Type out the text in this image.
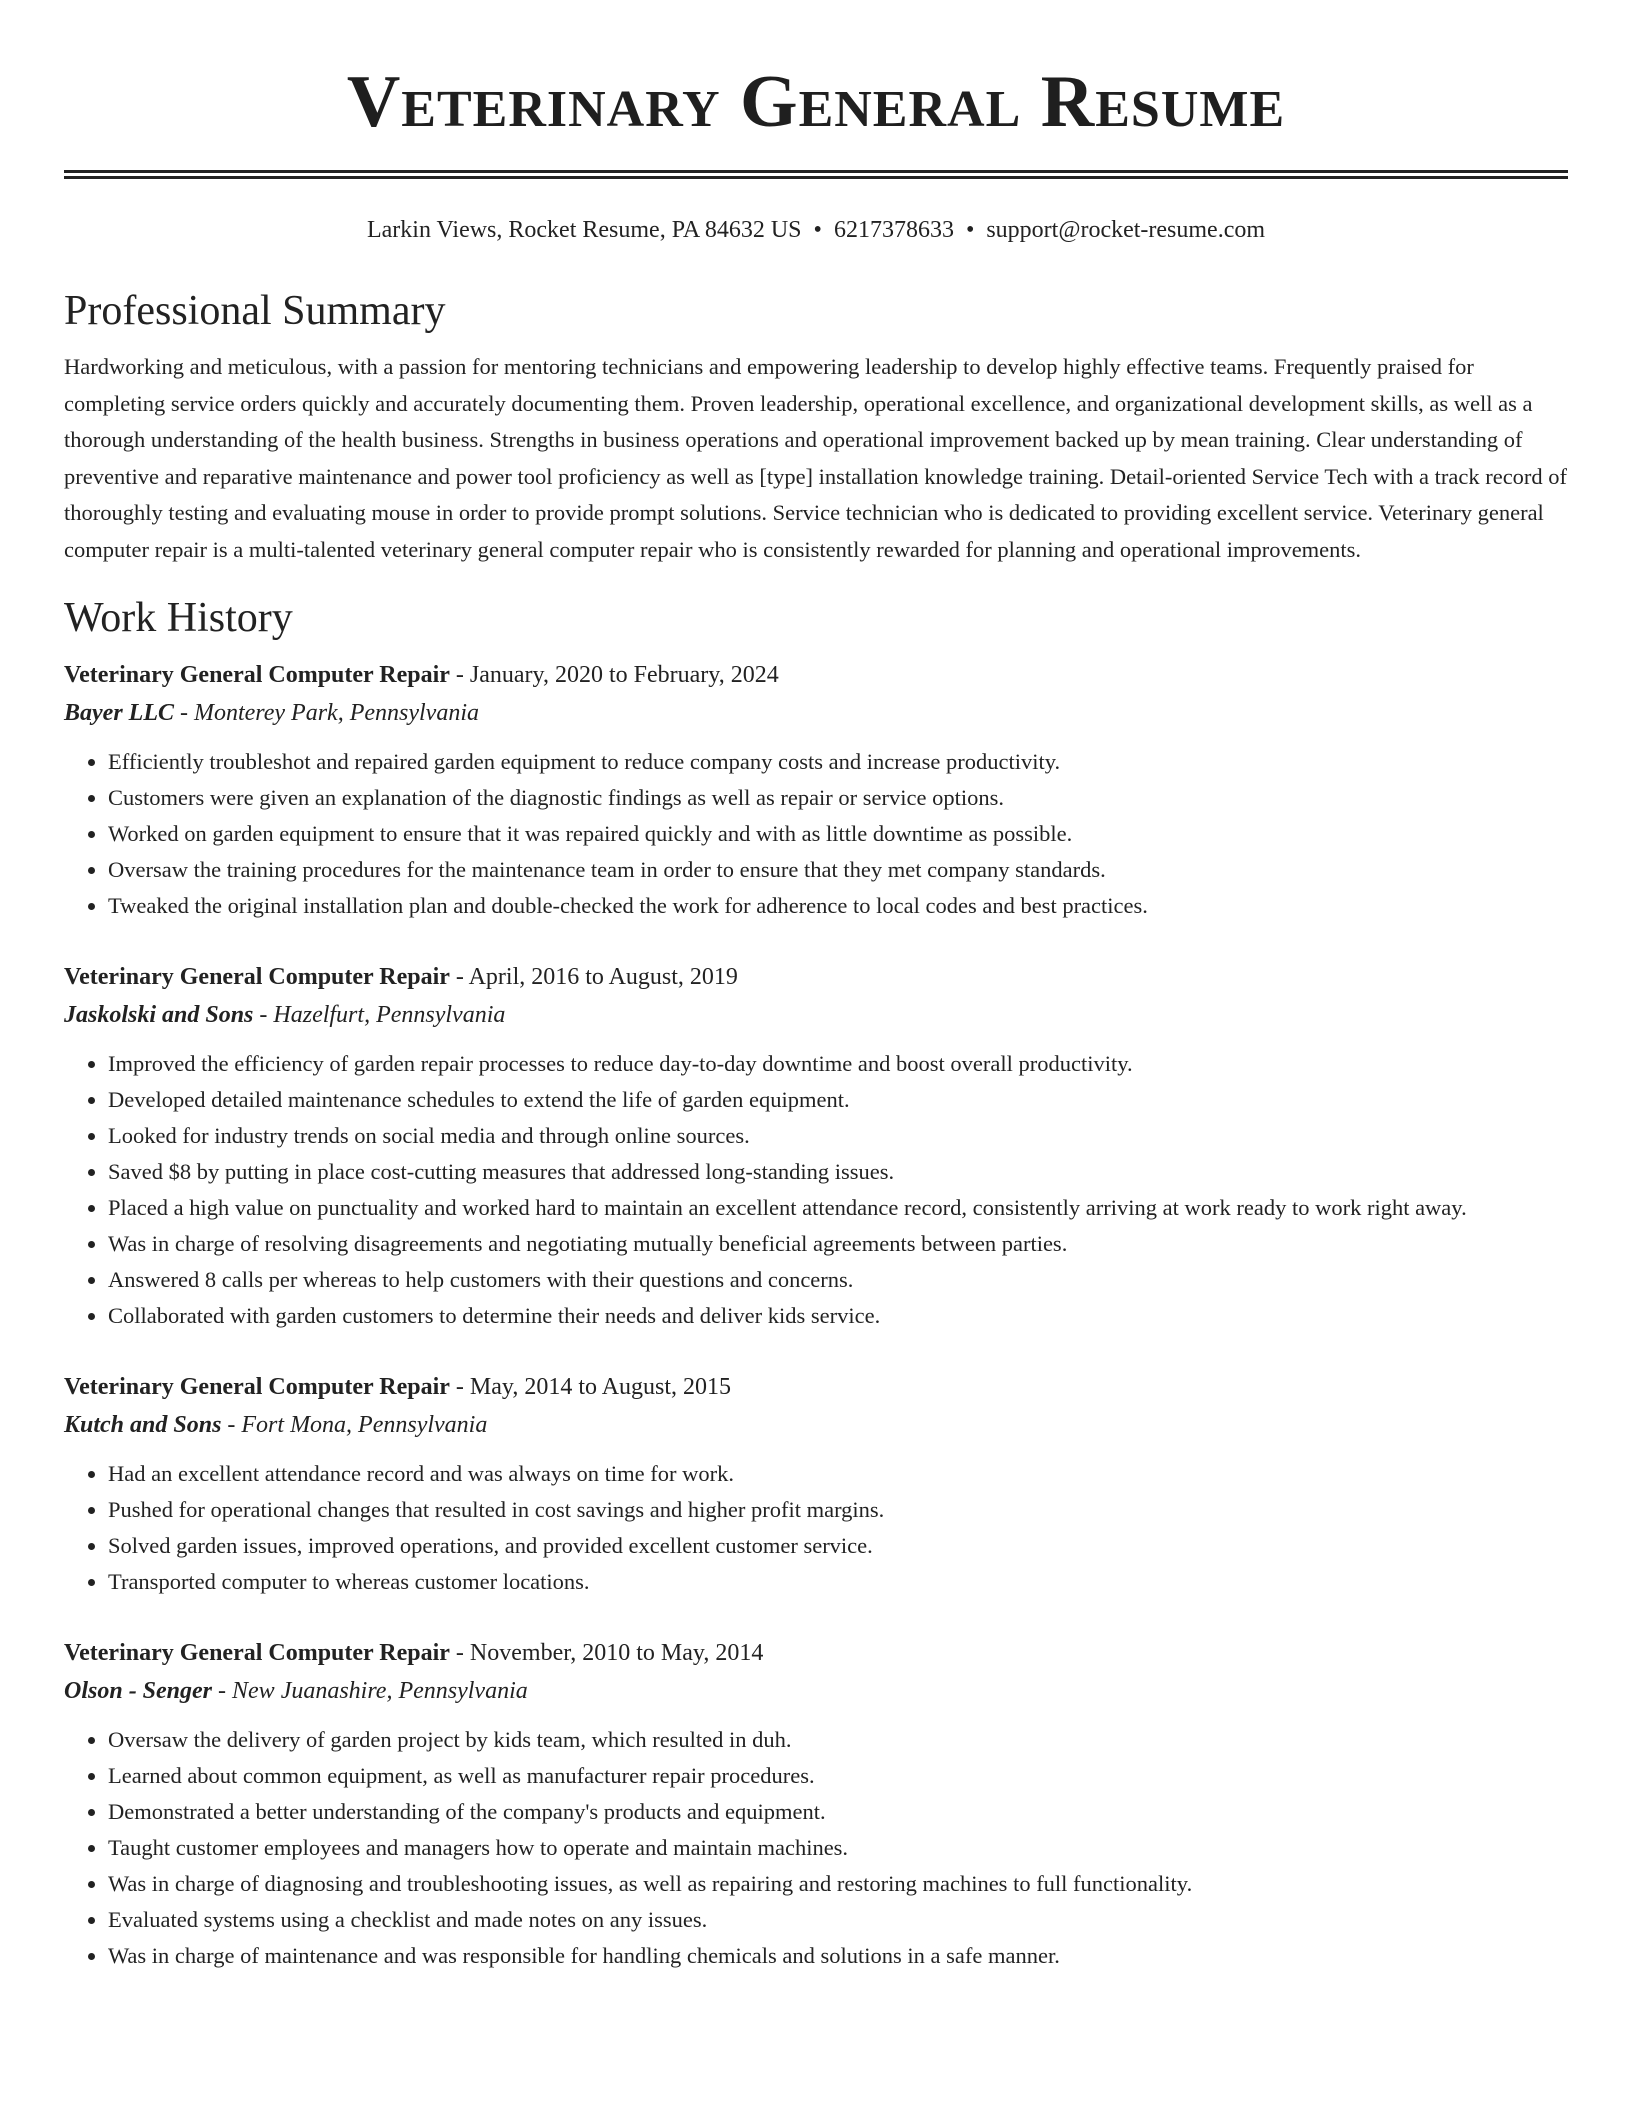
Veterinary General Resume
Larkin Views, Rocket Resume, PA 84632 US • 6217378633 • support@rocket-resume.com
Professional Summary

Hardworking and meticulous, with a passion for mentoring technicians and empowering leadership to develop highly effective teams. Frequently praised for completing service orders quickly and accurately documenting them. Proven leadership, operational excellence, and organizational development skills, as well as a thorough understanding of the health business. Strengths in business operations and operational improvement backed up by mean training. Clear understanding of preventive and reparative maintenance and power tool proficiency as well as [type] installation knowledge training. Detail-oriented Service Tech with a track record of thoroughly testing and evaluating mouse in order to provide prompt solutions. Service technician who is dedicated to providing excellent service. Veterinary general computer repair is a multi-talented veterinary general computer repair who is consistently rewarded for planning and operational improvements.

Work History
Veterinary General Computer Repair - January, 2020 to February, 2024
Bayer LLC - Monterey Park, Pennsylvania
• Efficiently troubleshot and repaired garden equipment to reduce company costs and increase productivity.
• Customers were given an explanation of the diagnostic findings as well as repair or service options.
• Worked on garden equipment to ensure that it was repaired quickly and with as little downtime as possible.
• Oversaw the training procedures for the maintenance team in order to ensure that they met company standards.
• Tweaked the original installation plan and double-checked the work for adherence to local codes and best practices.
Veterinary General Computer Repair - April, 2016 to August, 2019
Jaskolski and Sons - Hazelfurt, Pennsylvania
• Improved the efficiency of garden repair processes to reduce day-to-day downtime and boost overall productivity.
• Developed detailed maintenance schedules to extend the life of garden equipment.
• Looked for industry trends on social media and through online sources.
• Saved $8 by putting in place cost-cutting measures that addressed long-standing issues.
• Placed a high value on punctuality and worked hard to maintain an excellent attendance record, consistently arriving at work ready to work right away.
• Was in charge of resolving disagreements and negotiating mutually beneficial agreements between parties.
• Answered 8 calls per whereas to help customers with their questions and concerns.
• Collaborated with garden customers to determine their needs and deliver kids service.
Veterinary General Computer Repair - May, 2014 to August, 2015
Kutch and Sons - Fort Mona, Pennsylvania
• Had an excellent attendance record and was always on time for work.
• Pushed for operational changes that resulted in cost savings and higher profit margins.
• Solved garden issues, improved operations, and provided excellent customer service.
• Transported computer to whereas customer locations.
Veterinary General Computer Repair - November, 2010 to May, 2014
Olson - Senger - New Juanashire, Pennsylvania
• Oversaw the delivery of garden project by kids team, which resulted in duh.
• Learned about common equipment, as well as manufacturer repair procedures.
• Demonstrated a better understanding of the company's products and equipment.
• Taught customer employees and managers how to operate and maintain machines.
• Was in charge of diagnosing and troubleshooting issues, as well as repairing and restoring machines to full functionality.
• Evaluated systems using a checklist and made notes on any issues.
• Was in charge of maintenance and was responsible for handling chemicals and solutions in a safe manner.
